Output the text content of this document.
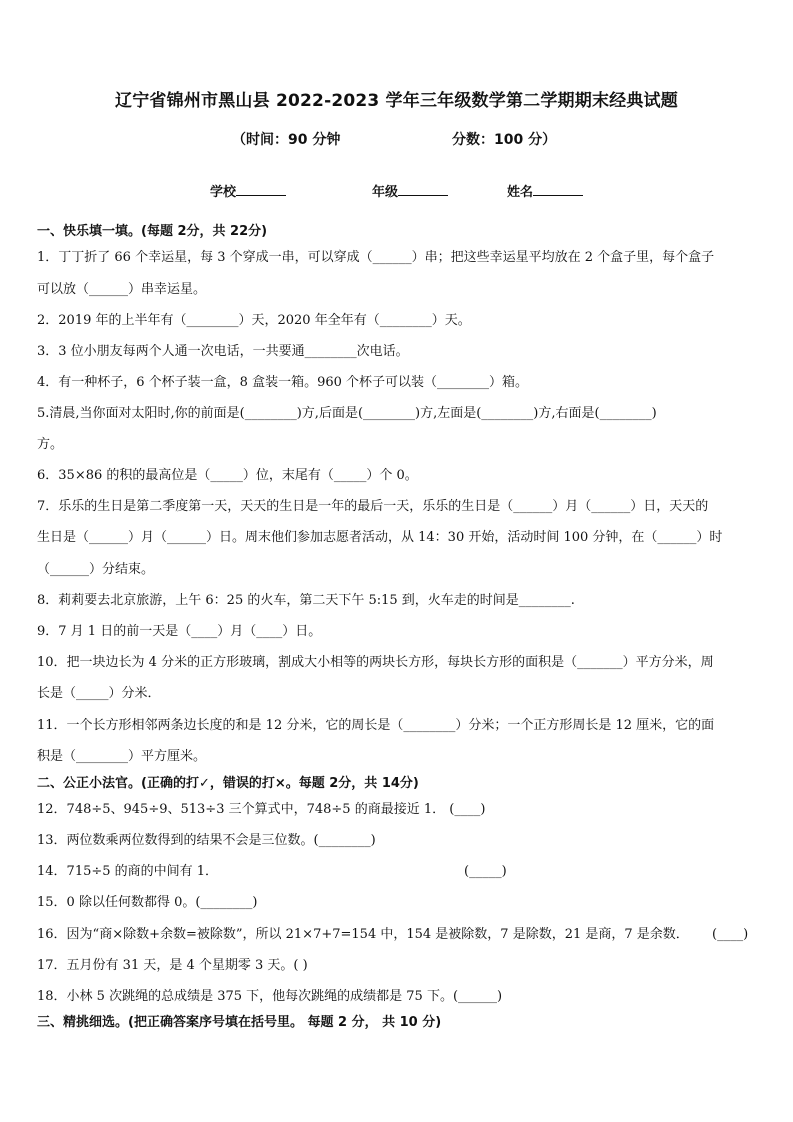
辽宁省锦州市黑山县 2022-2023 学年三年级数学第二学期期末经典试题
（时间：90 分钟	分数：100 分）
学校	年级	姓名
一、快乐填一填。(每题 2分，共 22分)
1．丁丁折了 66 个幸运星，每 3 个穿成一串，可以穿成（______）串；把这些幸运星平均放在 2 个盒子里，每个盒子
可以放（______）串幸运星。
2．2019 年的上半年有（________）天，2020 年全年有（________）天。
3．3 位小朋友每两个人通一次电话，一共要通________次电话。
4．有一种杯子，6 个杯子装一盒，8 盒装一箱。960 个杯子可以装（________）箱。
5.清晨,当你面对太阳时,你的前面是(________)方,后面是(________)方,左面是(________)方,右面是(________)
方。
6．35×86 的积的最高位是（_____）位，末尾有（_____）个 0。
7．乐乐的生日是第二季度第一天，天天的生日是一年的最后一天，乐乐的生日是（______）月（______）日，天天的
生日是（______）月（______）日。周末他们参加志愿者活动，从 14：30 开始，活动时间 100 分钟，在（______）时
（______）分结束。
8．莉莉要去北京旅游，上午 6：25 的火车，第二天下午 5:15 到，火车走的时间是________.
9．7 月 1 日的前一天是（____）月（____）日。
10．把一块边长为 4 分米的正方形玻璃，割成大小相等的两块长方形，每块长方形的面积是（_______）平方分米，周
长是（_____）分米．
11．一个长方形相邻两条边长度的和是 12 分米，它的周长是（________）分米；一个正方形周长是 12 厘米，它的面
积是（________）平方厘米。
二、公正小法官。(正确的打✓，错误的打×。每题 2分，共 14分)
12．748÷5、945÷9、513÷3 三个算式中，748÷5 的商最接近 1． (____)
13．两位数乘两位数得到的结果不会是三位数。(________)
14．715÷5 的商的中间有 1．	(_____)
15．0 除以任何数都得 0。(________)
16．因为“商×除数+余数=被除数”，所以 21×7+7=154 中，154 是被除数，7 是除数，21 是商，7 是余数． (____)
17．五月份有 31 天，是 4 个星期零 3 天。( )
18．小林 5 次跳绳的总成绩是 375 下，他每次跳绳的成绩都是 75 下。(______)
三、精挑细选。(把正确答案序号填在括号里。 每题 2 分， 共 10 分)
